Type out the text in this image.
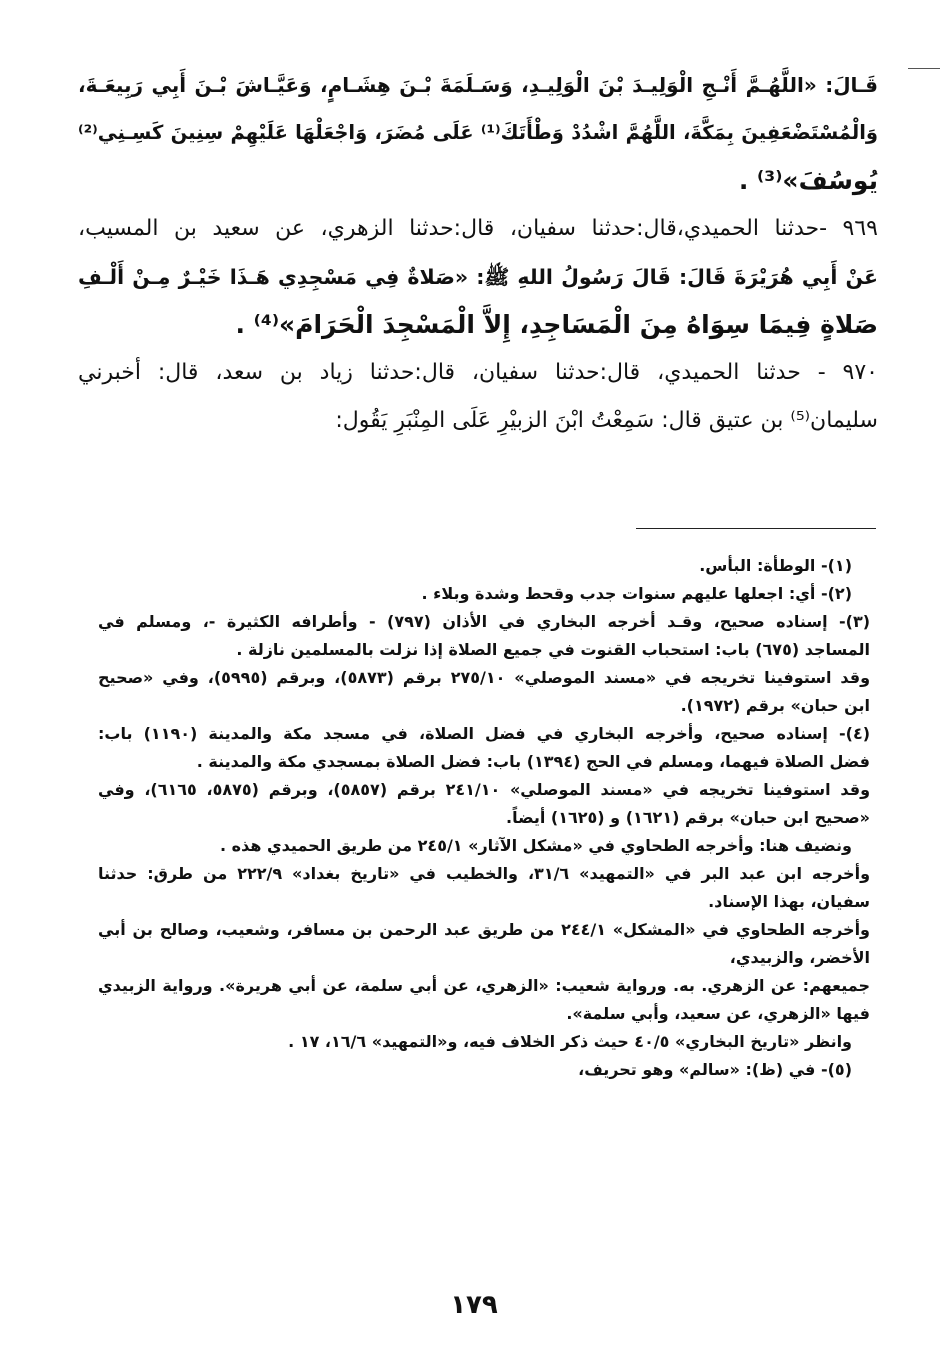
قَـالَ: «اللَّهُـمَّ أَنْـجِ الْوَلِيـدَ بْنَ الْوَلِيـدِ، وَسَـلَمَةَ بْـنَ هِشَـامٍ، وَعَيَّـاشَ بْـنَ أَبِي رَبِيعَـةَ،
وَالْمُسْتَضْعَفِينَ بِمَكَّةَ، اللَّهُمَّ اشْدُدْ وَطْأَتَكَ⁽¹⁾ عَلَى مُضَرَ، وَاجْعَلْهَا عَلَيْهِمْ سِنِينَ كَسِـنِي⁽²⁾
يُوسُفَ»⁽³⁾ .
٩٦٩ -حدثنا الحميدي،قال:حدثنا سفيان، قال:حدثنا الزهري، عن سعيد بن المسيب،
عَنْ أَبِي هُرَيْرَةَ قَالَ: قَالَ رَسُولُ اللهِ ﷺ: «صَلاةٌ فِي مَسْجِدِي هَـذَا خَيْـرٌ مِـنْ أَلْـفِ
صَلاةٍ فِيمَا سِوَاهُ مِنَ الْمَسَاجِدِ، إِلاَّ الْمَسْجِدَ الْحَرَامَ»⁽⁴⁾ .
٩٧٠ - حدثنا الحميدي، قال:حدثنا سفيان، قال:حدثنا زياد بن سعد، قال: أخبرني
سليمان⁽⁵⁾ بن عتيق قال: سَمِعْتُ ابْنَ الزبيْرِ عَلَى المِنْبَرِ يَقُول:
(١)- الوطأة: البأس.
(٢)- أي: اجعلها عليهم سنوات جدب وقحط وشدة وبلاء .
(٣)- إسناده صحيح، وقـد أخرجه البخاري في الأذان (٧٩٧) - وأطرافه الكثيرة -، ومسلم في
المساجد (٦٧٥) باب: استحباب القنوت في جميع الصلاة إذا نزلت بالمسلمين نازلة .
وقد استوفينا تخريجه في «مسند الموصلي» ٢٧٥/١٠ برقم (٥٨٧٣)، وبرقم (٥٩٩٥)، وفي «صحيح
ابن حبان» برقم (١٩٧٢).
(٤)- إسناده صحيح، وأخرجه البخاري في فضل الصلاة، في مسجد مكة والمدينة (١١٩٠) باب:
فضل الصلاة فيهما، ومسلم في الحج (١٣٩٤) باب: فضل الصلاة بمسجدي مكة والمدينة .
وقد استوفينا تخريجه في «مسند الموصلي» ٢٤١/١٠ برقم (٥٨٥٧)، وبرقم (٥٨٧٥، ٦١٦٥)، وفي
«صحيح ابن حبان» برقم (١٦٢١) و (١٦٢٥) أيضاً.
ونضيف هنا: وأخرجه الطحاوي في «مشكل الآثار» ٢٤٥/١ من طريق الحميدي هذه .
وأخرجه ابن عبد البر في «التمهيد» ٣١/٦، والخطيب في «تاريخ بغداد» ٢٢٢/٩ من طرق: حدثنا
سفيان، بهذا الإسناد.
وأخرجه الطحاوي في «المشكل» ٢٤٤/١ من طريق عبد الرحمن بن مسافر، وشعيب، وصالح بن أبي
الأخضر، والزبيدي،
جميعهم: عن الزهري. به. ورواية شعيب: «الزهري، عن أبي سلمة، عن أبي هريرة». ورواية الزبيدي
فيها «الزهري، عن سعيد، وأبي سلمة».
وانظر «تاريخ البخاري» ٤٠/٥ حيث ذكر الخلاف فيه، و«التمهيد» ١٦/٦، ١٧ .
(٥)- في (ظ): «سالم» وهو تحريف،
١٧٩
